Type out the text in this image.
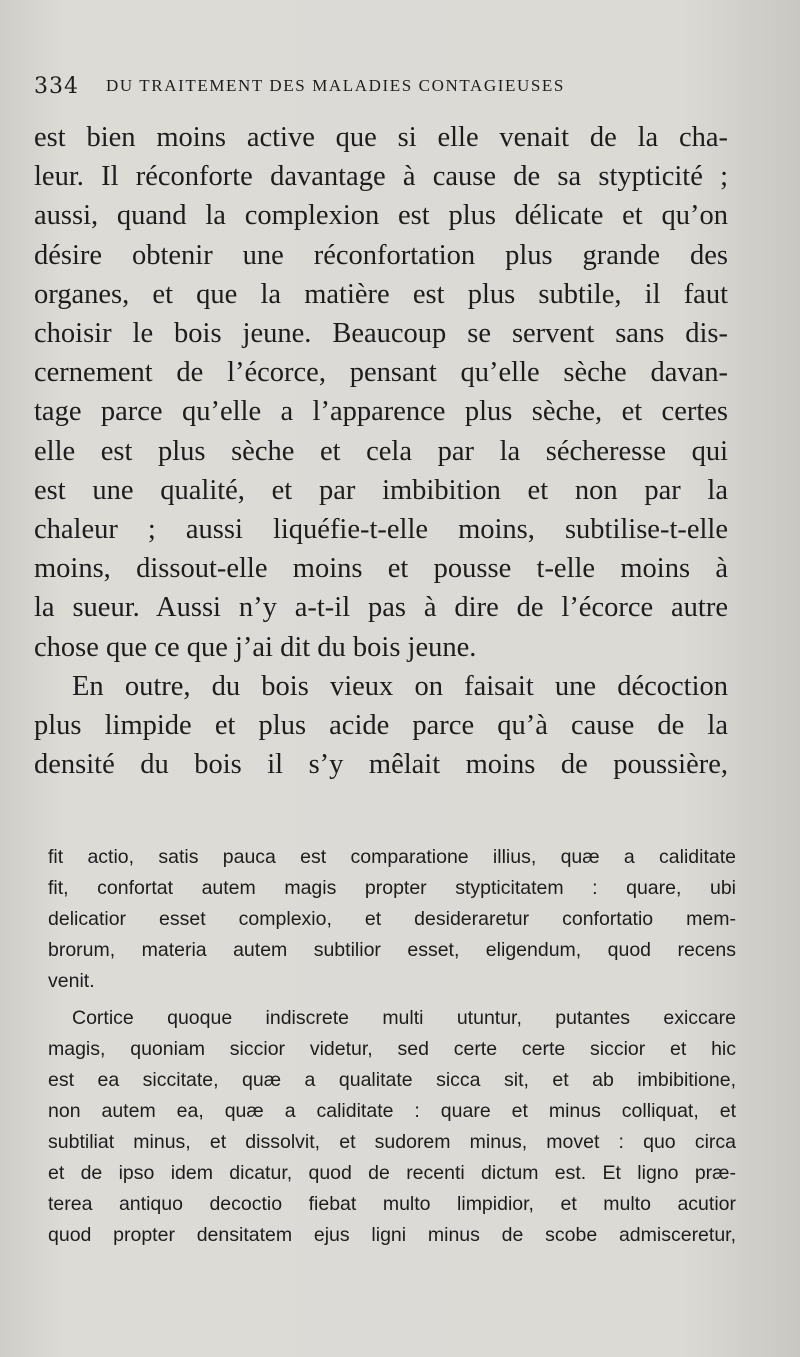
334 DU TRAITEMENT DES MALADIES CONTAGIEUSES

est bien moins active que si elle venait de la cha-
leur. Il réconforte davantage à cause de sa stypticité ;
aussi, quand la complexion est plus délicate et qu’on
désire obtenir une réconfortation plus grande des
organes, et que la matière est plus subtile, il faut
choisir le bois jeune. Beaucoup se servent sans dis-
cernement de l’écorce, pensant qu’elle sèche davan-
tage parce qu’elle a l’apparence plus sèche, et certes
elle est plus sèche et cela par la sécheresse qui
est une qualité, et par imbibition et non par la
chaleur ; aussi liquéfie-t-elle moins, subtilise-t-elle
moins, dissout-elle moins et pousse t-elle moins à
la sueur. Aussi n’y a-t-il pas à dire de l’écorce autre
chose que ce que j’ai dit du bois jeune.

En outre, du bois vieux on faisait une décoction
plus limpide et plus acide parce qu’à cause de la
densité du bois il s’y mêlait moins de poussière,

fit actio, satis pauca est comparatione illius, quæ a caliditate
fit, confortat autem magis propter stypticitatem : quare, ubi
delicatior esset complexio, et desideraretur confortatio mem-
brorum, materia autem subtilior esset, eligendum, quod recens
venit.

Cortice quoque indiscrete multi utuntur, putantes exiccare
magis, quoniam siccior videtur, sed certe certe siccior et hic
est ea siccitate, quæ a qualitate sicca sit, et ab imbibitione,
non autem ea, quæ a caliditate : quare et minus colliquat, et
subtiliat minus, et dissolvit, et sudorem minus, movet : quo circa
et de ipso idem dicatur, quod de recenti dictum est. Et ligno præ-
terea antiquo decoctio fiebat multo limpidior, et multo acutior
quod propter densitatem ejus ligni minus de scobe admisceretur,
